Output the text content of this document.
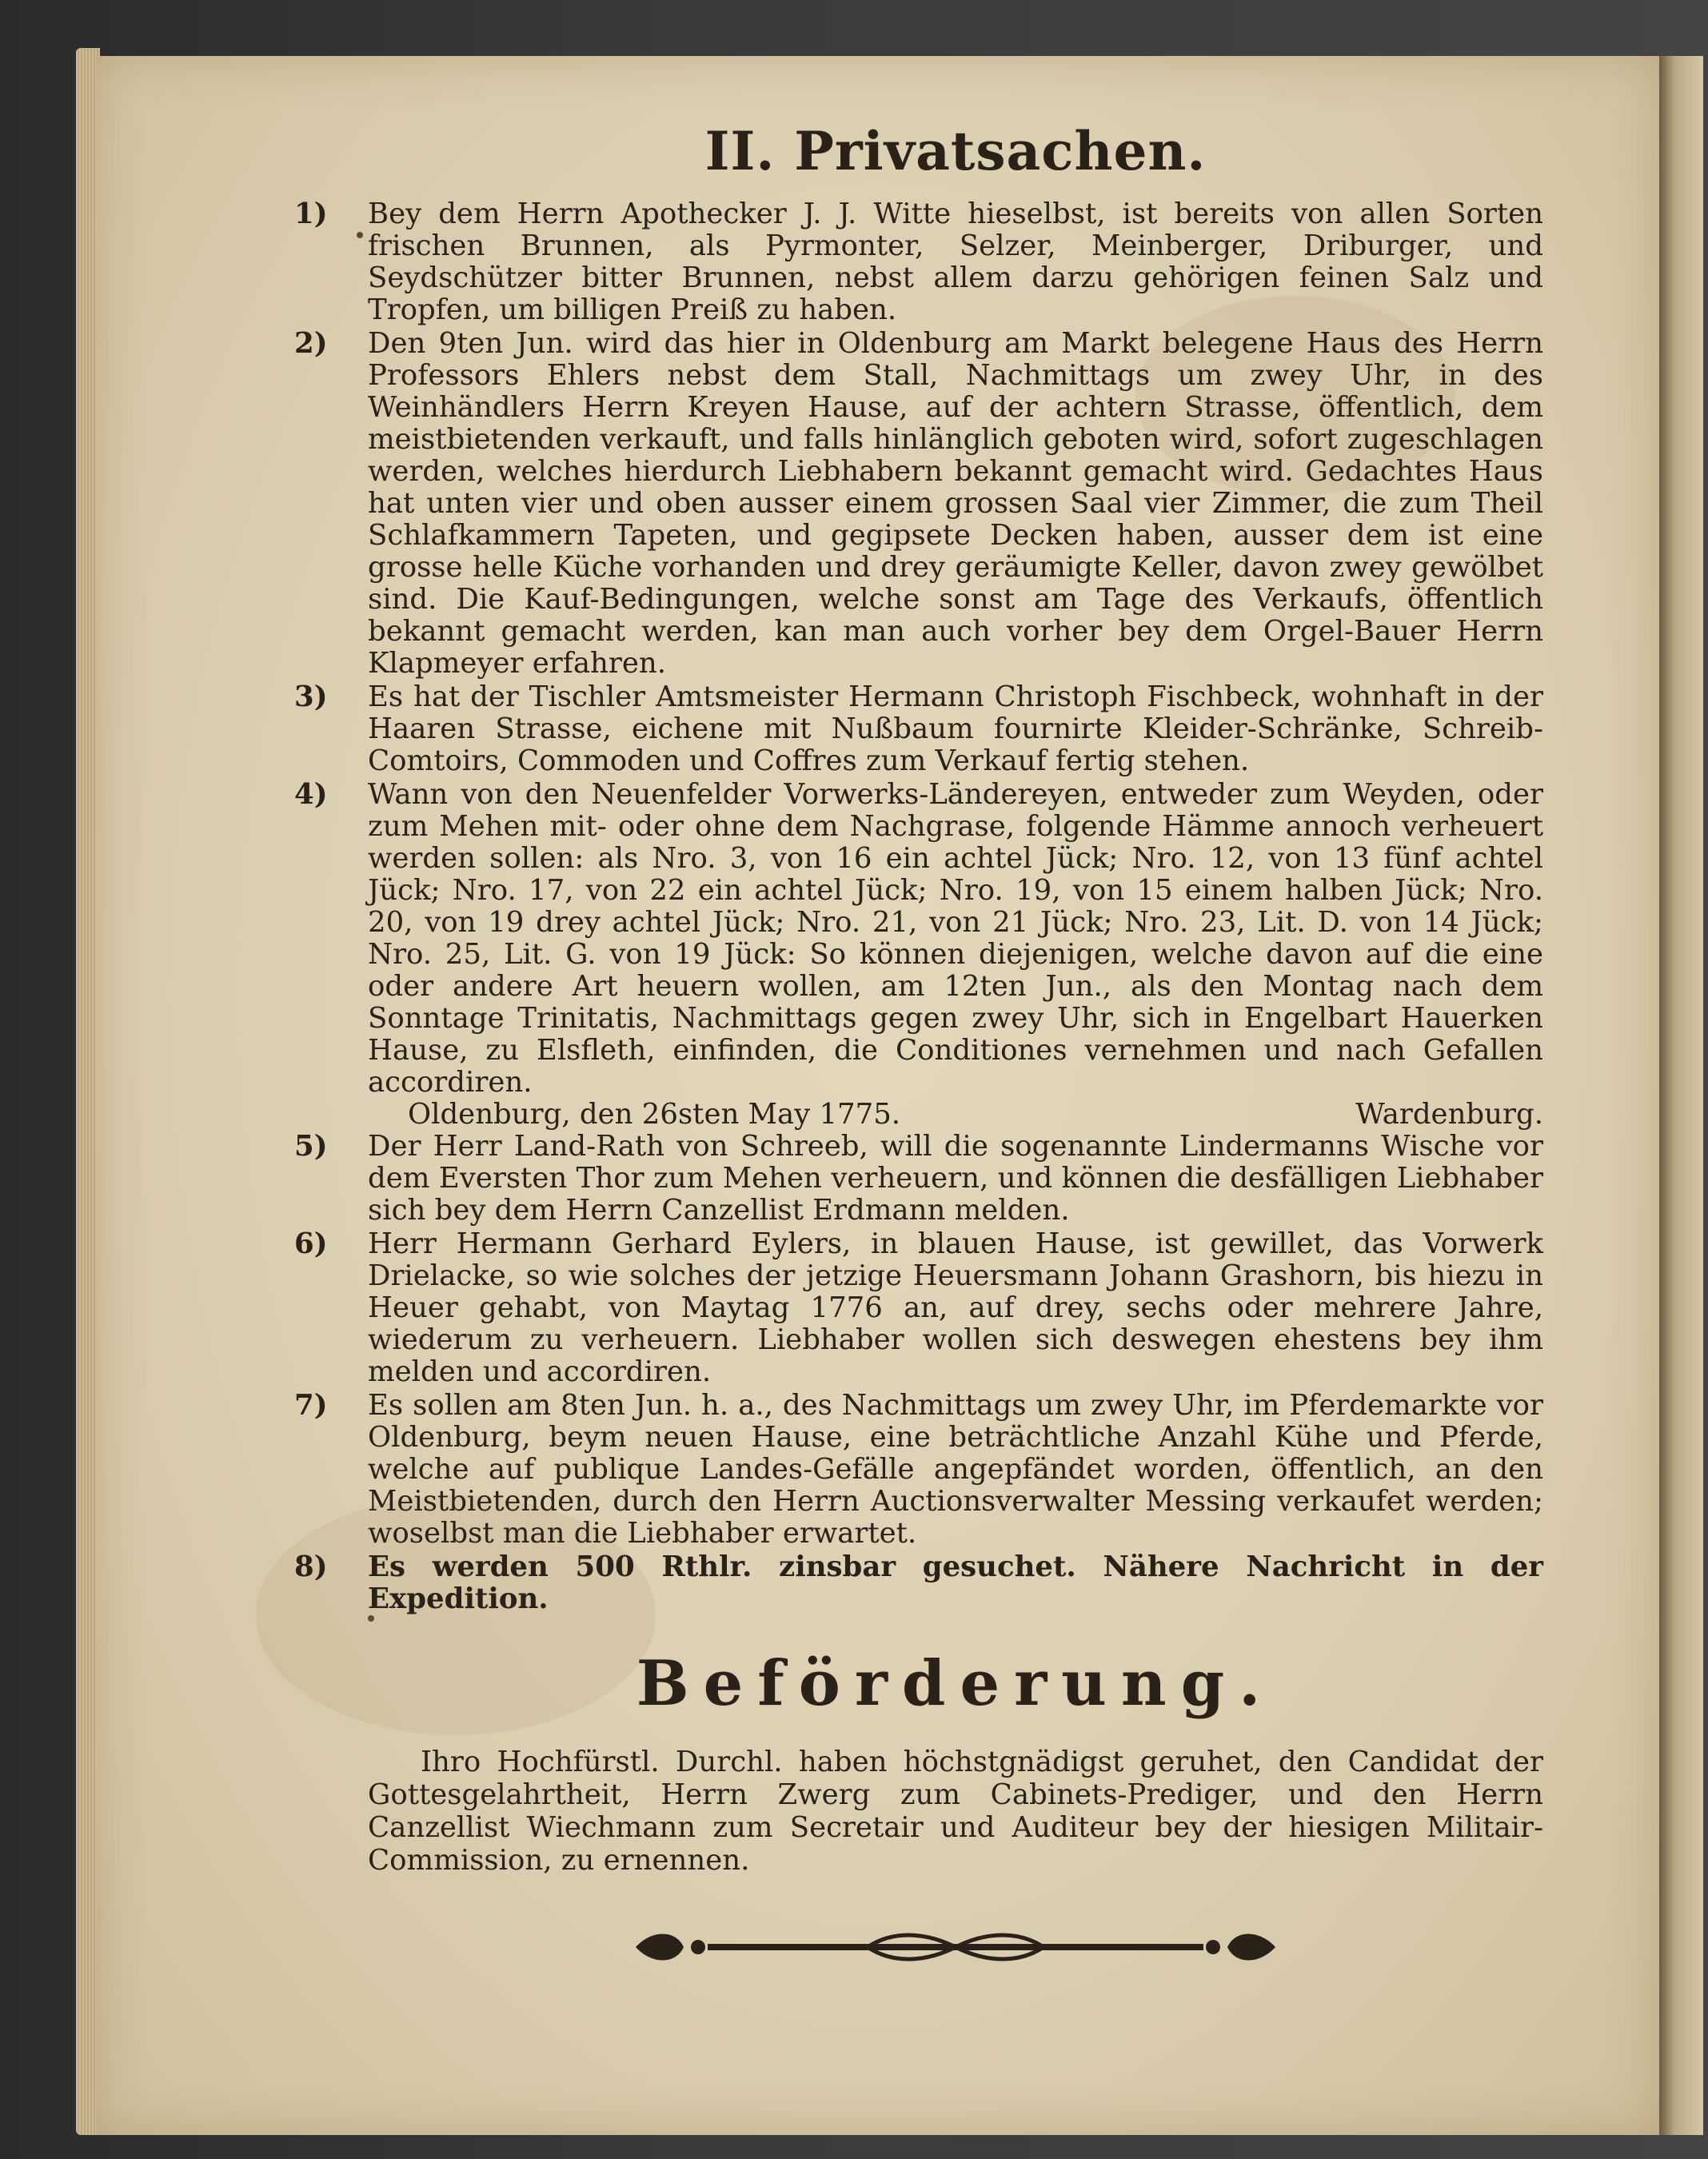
II. Privatsachen.

1) Bey dem Herrn Apothecker J. J. Witte hieselbst, ist bereits von allen Sorten frischen Brunnen, als Pyrmonter, Selzer, Meinberger, Driburger, und Seydschützer bitter Brunnen, nebst allem darzu gehörigen feinen Salz und Tropfen, um billigen Preiß zu haben.

2) Den 9ten Jun. wird das hier in Oldenburg am Markt belegene Haus des Herrn Professors Ehlers nebst dem Stall, Nachmittags um zwey Uhr, in des Weinhändlers Herrn Kreyen Hause, auf der achtern Strasse, öffentlich, dem meistbietenden verkauft, und falls hinlänglich geboten wird, sofort zugeschlagen werden, welches hierdurch Liebhabern bekannt gemacht wird. Gedachtes Haus hat unten vier und oben ausser einem grossen Saal vier Zimmer, die zum Theil Schlafkammern Tapeten, und gegipsete Decken haben, ausser dem ist eine grosse helle Küche vorhanden und drey geräumigte Keller, davon zwey gewölbet sind. Die Kauf-Bedingungen, welche sonst am Tage des Verkaufs, öffentlich bekannt gemacht werden, kan man auch vorher bey dem Orgel-Bauer Herrn Klapmeyer erfahren.

3) Es hat der Tischler Amtsmeister Hermann Christoph Fischbeck, wohnhaft in der Haaren Strasse, eichene mit Nußbaum fournirte Kleider-Schränke, Schreib-Comtoirs, Commoden und Coffres zum Verkauf fertig stehen.

4) Wann von den Neuenfelder Vorwerks-Ländereyen, entweder zum Weyden, oder zum Mehen mit- oder ohne dem Nachgrase, folgende Hämme annoch verheuert werden sollen: als Nro. 3, von 16 ein achtel Jück; Nro. 12, von 13 fünf achtel Jück; Nro. 17, von 22 ein achtel Jück; Nro. 19, von 15 einem halben Jück; Nro. 20, von 19 drey achtel Jück; Nro. 21, von 21 Jück; Nro. 23, Lit. D. von 14 Jück; Nro. 25, Lit. G. von 19 Jück: So können diejenigen, welche davon auf die eine oder andere Art heuern wollen, am 12ten Jun., als den Montag nach dem Sonntage Trinitatis, Nachmittags gegen zwey Uhr, sich in Engelbart Hauerken Hause, zu Elsfleth, einfinden, die Conditiones vernehmen und nach Gefallen accordiren.

Oldenburg, den 26sten May 1775.	Wardenburg.

5) Der Herr Land-Rath von Schreeb, will die sogenannte Lindermanns Wische vor dem Eversten Thor zum Mehen verheuern, und können die desfälligen Liebhaber sich bey dem Herrn Canzellist Erdmann melden.

6) Herr Hermann Gerhard Eylers, in blauen Hause, ist gewillet, das Vorwerk Drielacke, so wie solches der jetzige Heuersmann Johann Grashorn, bis hiezu in Heuer gehabt, von Maytag 1776 an, auf drey, sechs oder mehrere Jahre, wiederum zu verheuern. Liebhaber wollen sich deswegen ehestens bey ihm melden und accordiren.

7) Es sollen am 8ten Jun. h. a., des Nachmittags um zwey Uhr, im Pferdemarkte vor Oldenburg, beym neuen Hause, eine beträchtliche Anzahl Kühe und Pferde, welche auf publique Landes-Gefälle angepfändet worden, öffentlich, an den Meistbietenden, durch den Herrn Auctionsverwalter Messing verkaufet werden; woselbst man die Liebhaber erwartet.

8) Es werden 500 Rthlr. zinsbar gesuchet. Nähere Nachricht in der Expedition.

Beförderung.

Ihro Hochfürstl. Durchl. haben höchstgnädigst geruhet, den Candidat der Gottesgelahrtheit, Herrn Zwerg zum Cabinets-Prediger, und den Herrn Canzellist Wiechmann zum Secretair und Auditeur bey der hiesigen Militair-Commission, zu ernennen.
